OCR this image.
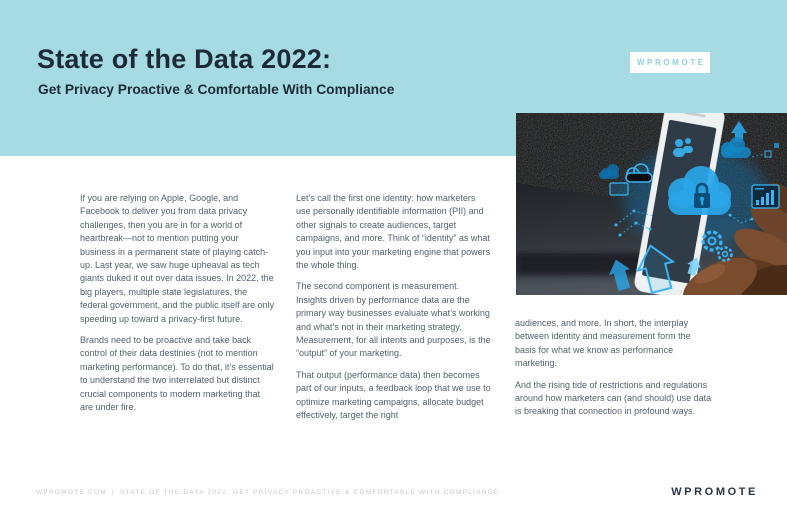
State of the Data 2022:
Get Privacy Proactive & Comfortable With Compliance
WPROMOTE

If you are relying on Apple, Google, and Facebook to deliver you from data privacy challenges, then you are in for a world of heartbreak—not to mention putting your business in a permanent state of playing catch-up. Last year, we saw huge upheaval as tech giants duked it out over data issues. In 2022, the big players, multiple state legislatures, the federal government, and the public itself are only speeding up toward a privacy-first future.

Brands need to be proactive and take back control of their data destinies (not to mention marketing performance). To do that, it’s essential to understand the two interrelated but distinct crucial components to modern marketing that are under fire.

Let’s call the first one identity: how marketers use personally identifiable information (PII) and other signals to create audiences, target campaigns, and more. Think of “identity” as what you input into your marketing engine that powers the whole thing.

The second component is measurement. Insights driven by performance data are the primary way businesses evaluate what’s working and what’s not in their marketing strategy. Measurement, for all intents and purposes, is the “output” of your marketing.

That output (performance data) then becomes part of our inputs, a feedback loop that we use to optimize marketing campaigns, allocate budget effectively, target the right

audiences, and more. In short, the interplay between identity and measurement form the basis for what we know as performance marketing.

And the rising tide of restrictions and regulations around how marketers can (and should) use data is breaking that connection in profound ways.

WPROMOTE.COM | STATE OF THE DATA 2022: GET PRIVACY PROACTIVE & COMFORTABLE WITH COMPLIANCE	WPROMOTE
